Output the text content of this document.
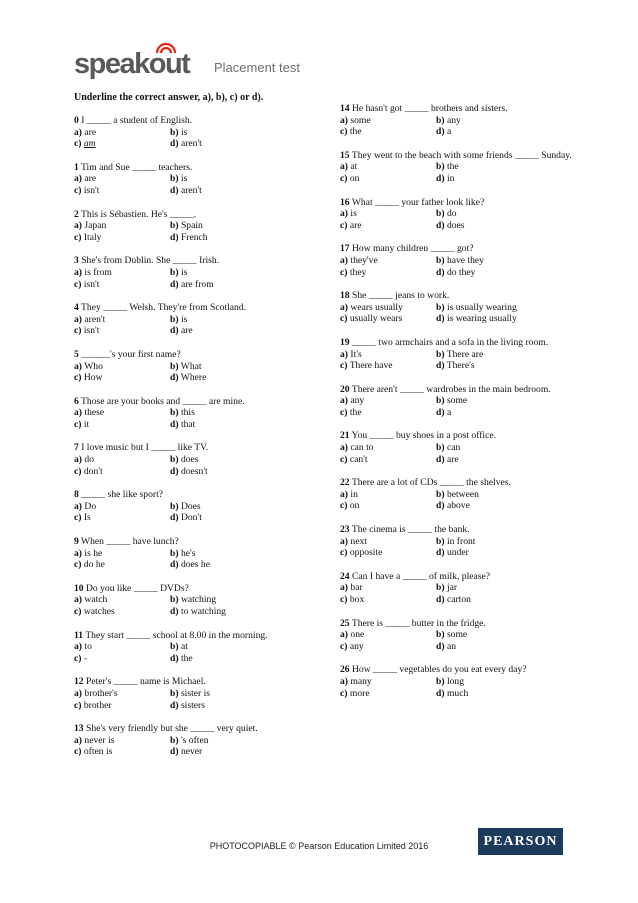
speakout Placement test
Underline the correct answer, a), b), c) or d).
0 I _____ a student of English.
a) are	b) is
c) am	d) aren't
1 Tim and Sue _____ teachers.
a) are	b) is
c) isn't	d) aren't
2 This is Sébastien. He's _____.
a) Japan	b) Spain
c) Italy	d) French
3 She's from Dublin. She _____ Irish.
a) is from	b) is
c) isn't	d) are from
4 They _____ Welsh. They're from Scotland.
a) aren't	b) is
c) isn't	d) are
5 ______'s your first name?
a) Who	b) What
c) How	d) Where
6 Those are your books and _____ are mine.
a) these	b) this
c) it	d) that
7 I love music but I _____ like TV.
a) do	b) does
c) don't	d) doesn't
8 _____ she like sport?
a) Do	b) Does
c) Is	d) Don't
9 When _____ have lunch?
a) is he	b) he's
c) do he	d) does he
10 Do you like _____ DVDs?
a) watch	b) watching
c) watches	d) to watching
11 They start _____ school at 8.00 in the morning.
a) to	b) at
c) -	d) the
12 Peter's _____ name is Michael.
a) brother's	b) sister is
c) brother	d) sisters
13 She's very friendly but she _____ very quiet.
a) never is	b) 's often
c) often is	d) never
14 He hasn't got _____ brothers and sisters.
a) some	b) any
c) the	d) a
15 They went to the beach with some friends _____ Sunday.
a) at	b) the
c) on	d) in
16 What _____ your father look like?
a) is	b) do
c) are	d) does
17 How many children _____ got?
a) they've	b) have they
c) they	d) do they
18 She _____ jeans to work.
a) wears usually	b) is usually wearing
c) usually wears	d) is wearing usually
19 _____ two armchairs and a sofa in the living room.
a) It's	b) There are
c) There have	d) There's
20 There aren't _____ wardrobes in the main bedroom.
a) any	b) some
c) the	d) a
21 You _____ buy shoes in a post office.
a) can to	b) can
c) can't	d) are
22 There are a lot of CDs _____ the shelves.
a) in	b) between
c) on	d) above
23 The cinema is _____ the bank.
a) next	b) in front
c) opposite	d) under
24 Can I have a _____ of milk, please?
a) bar	b) jar
c) box	d) carton
25 There is _____ butter in the fridge.
a) one	b) some
c) any	d) an
26 How _____ vegetables do you eat every day?
a) many	b) long
c) more	d) much
PHOTOCOPIABLE © Pearson Education Limited 2016	PEARSON
